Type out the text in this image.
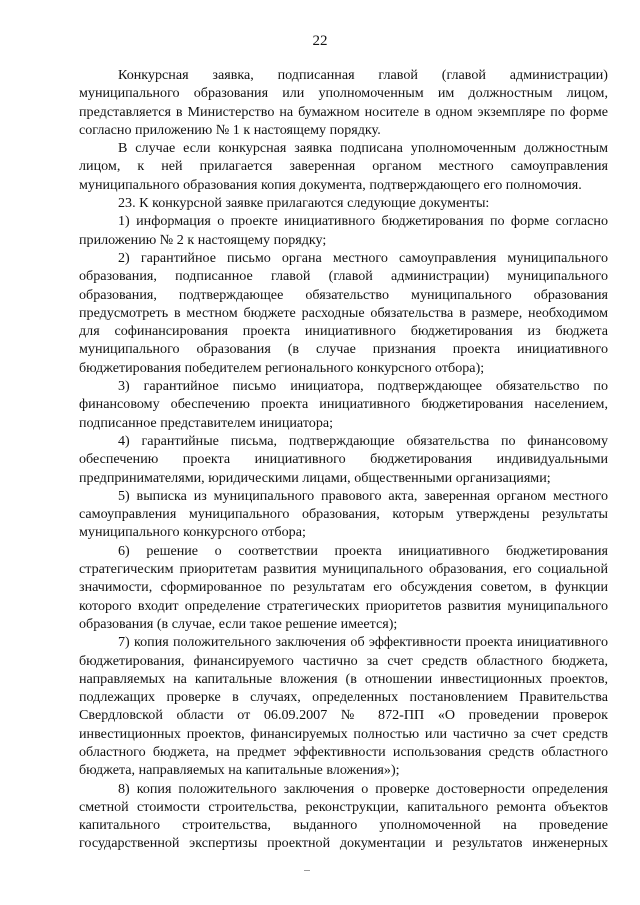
22

Конкурсная заявка, подписанная главой (главой администрации) муниципального образования или уполномоченным им должностным лицом, представляется в Министерство на бумажном носителе в одном экземпляре по форме согласно приложению № 1 к настоящему порядку.

В случае если конкурсная заявка подписана уполномоченным должностным лицом, к ней прилагается заверенная органом местного самоуправления муниципального образования копия документа, подтверждающего его полномочия.

23. К конкурсной заявке прилагаются следующие документы:

1) информация о проекте инициативного бюджетирования по форме согласно приложению № 2 к настоящему порядку;

2) гарантийное письмо органа местного самоуправления муниципального образования, подписанное главой (главой администрации) муниципального образования, подтверждающее обязательство муниципального образования предусмотреть в местном бюджете расходные обязательства в размере, необходимом для софинансирования проекта инициативного бюджетирования из бюджета муниципального образования (в случае признания проекта инициативного бюджетирования победителем регионального конкурсного отбора);

3) гарантийное письмо инициатора, подтверждающее обязательство по финансовому обеспечению проекта инициативного бюджетирования населением, подписанное представителем инициатора;

4) гарантийные письма, подтверждающие обязательства по финансовому обеспечению проекта инициативного бюджетирования индивидуальными предпринимателями, юридическими лицами, общественными организациями;

5) выписка из муниципального правового акта, заверенная органом местного самоуправления муниципального образования, которым утверждены результаты муниципального конкурсного отбора;

6) решение о соответствии проекта инициативного бюджетирования стратегическим приоритетам развития муниципального образования, его социальной значимости, сформированное по результатам его обсуждения советом, в функции которого входит определение стратегических приоритетов развития муниципального образования (в случае, если такое решение имеется);

7) копия положительного заключения об эффективности проекта инициативного бюджетирования, финансируемого частично за счет средств областного бюджета, направляемых на капитальные вложения (в отношении инвестиционных проектов, подлежащих проверке в случаях, определенных постановлением Правительства Свердловской области от 06.09.2007 № 872-ПП «О проведении проверок инвестиционных проектов, финансируемых полностью или частично за счет средств областного бюджета, на предмет эффективности использования средств областного бюджета, направляемых на капитальные вложения»);

8) копия положительного заключения о проверке достоверности определения сметной стоимости строительства, реконструкции, капитального ремонта объектов капитального строительства, выданного уполномоченной на проведение государственной экспертизы проектной документации и результатов инженерных
